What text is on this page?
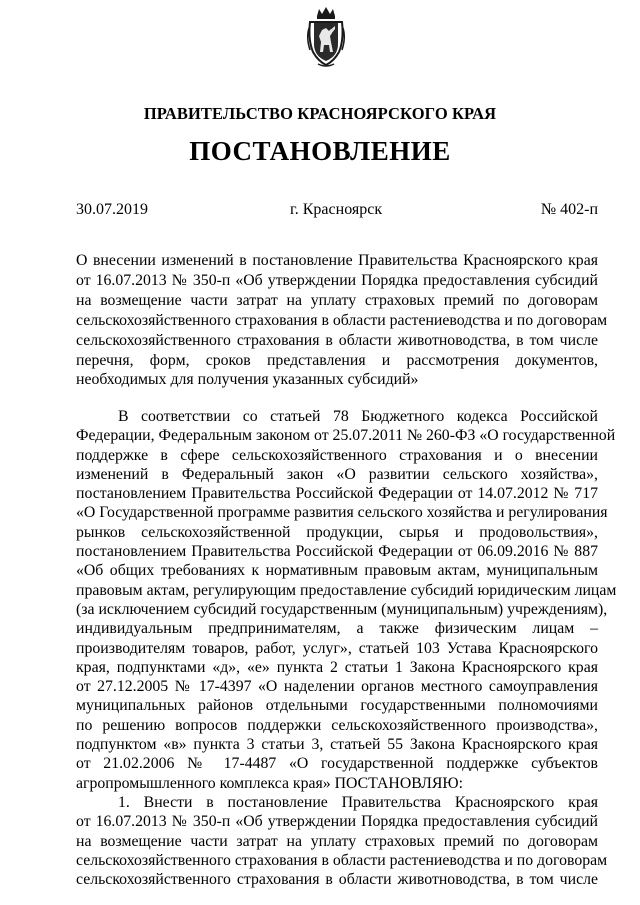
ПРАВИТЕЛЬСТВО КРАСНОЯРСКОГО КРАЯ
ПОСТАНОВЛЕНИЕ
30.07.2019	г. Красноярск	№ 402-п
О внесении изменений в постановление Правительства Красноярского края
от 16.07.2013 № 350-п «Об утверждении Порядка предоставления субсидий
на возмещение части затрат на уплату страховых премий по договорам
сельскохозяйственного страхования в области растениеводства и по договорам
сельскохозяйственного страхования в области животноводства, в том числе
перечня, форм, сроков представления и рассмотрения документов,
необходимых для получения указанных субсидий»
В соответствии со статьей 78 Бюджетного кодекса Российской
Федерации, Федеральным законом от 25.07.2011 № 260-ФЗ «О государственной
поддержке в сфере сельскохозяйственного страхования и о внесении
изменений в Федеральный закон «О развитии сельского хозяйства»,
постановлением Правительства Российской Федерации от 14.07.2012 № 717
«О Государственной программе развития сельского хозяйства и регулирования
рынков сельскохозяйственной продукции, сырья и продовольствия»,
постановлением Правительства Российской Федерации от 06.09.2016 № 887
«Об общих требованиях к нормативным правовым актам, муниципальным
правовым актам, регулирующим предоставление субсидий юридическим лицам
(за исключением субсидий государственным (муниципальным) учреждениям),
индивидуальным предпринимателям, а также физическим лицам –
производителям товаров, работ, услуг», статьей 103 Устава Красноярского
края, подпунктами «д», «е» пункта 2 статьи 1 Закона Красноярского края
от 27.12.2005 № 17-4397 «О наделении органов местного самоуправления
муниципальных районов отдельными государственными полномочиями
по решению вопросов поддержки сельскохозяйственного производства»,
подпунктом «в» пункта 3 статьи 3, статьей 55 Закона Красноярского края
от 21.02.2006 № 17-4487 «О государственной поддержке субъектов
агропромышленного комплекса края» ПОСТАНОВЛЯЮ:
1. Внести в постановление Правительства Красноярского края
от 16.07.2013 № 350-п «Об утверждении Порядка предоставления субсидий
на возмещение части затрат на уплату страховых премий по договорам
сельскохозяйственного страхования в области растениеводства и по договорам
сельскохозяйственного страхования в области животноводства, в том числе
